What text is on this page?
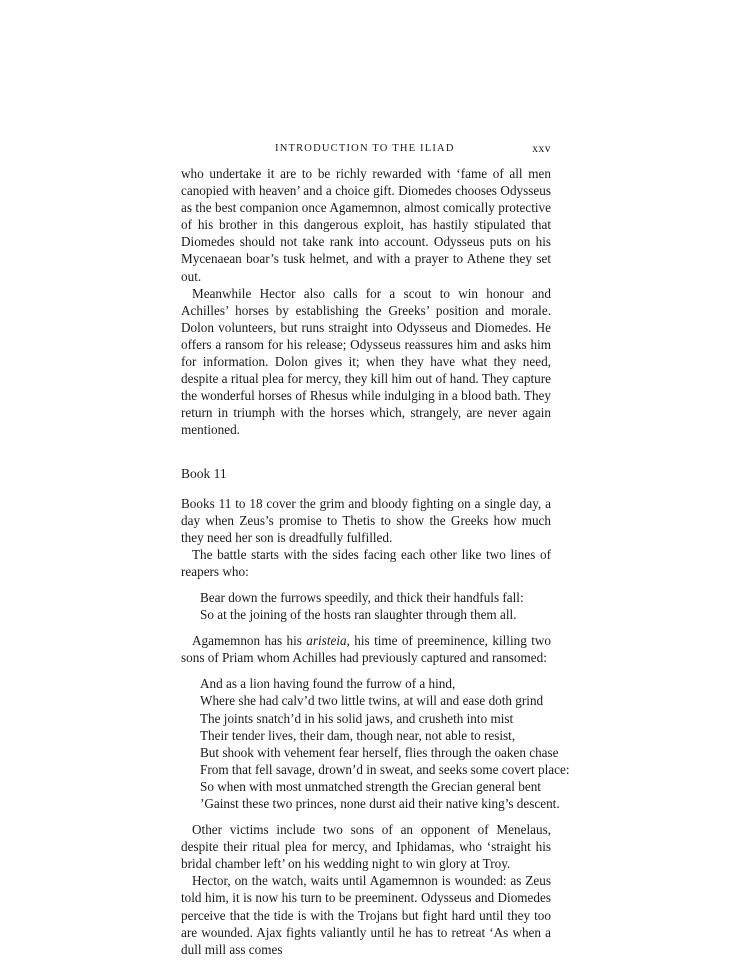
INTRODUCTION TO THE ILIAD	xxv

who undertake it are to be richly rewarded with ‘fame of all men canopied with heaven’ and a choice gift. Diomedes chooses Odysseus as the best companion once Agamemnon, almost comically protective of his brother in this dangerous exploit, has hastily stipulated that Diomedes should not take rank into account. Odysseus puts on his Mycenaean boar’s tusk helmet, and with a prayer to Athene they set out.

Meanwhile Hector also calls for a scout to win honour and Achilles’ horses by establishing the Greeks’ position and morale. Dolon volunteers, but runs straight into Odysseus and Diomedes. He offers a ransom for his release; Odysseus reassures him and asks him for information. Dolon gives it; when they have what they need, despite a ritual plea for mercy, they kill him out of hand. They capture the wonderful horses of Rhesus while indulging in a blood bath. They return in triumph with the horses which, strangely, are never again mentioned.

Book 11

Books 11 to 18 cover the grim and bloody fighting on a single day, a day when Zeus’s promise to Thetis to show the Greeks how much they need her son is dreadfully fulfilled.

The battle starts with the sides facing each other like two lines of reapers who:

Bear down the furrows speedily, and thick their handfuls fall:
So at the joining of the hosts ran slaughter through them all.

Agamemnon has his aristeia, his time of preeminence, killing two sons of Priam whom Achilles had previously captured and ransomed:

And as a lion having found the furrow of a hind,
Where she had calv’d two little twins, at will and ease doth grind
The joints snatch’d in his solid jaws, and crusheth into mist
Their tender lives, their dam, though near, not able to resist,
But shook with vehement fear herself, flies through the oaken chase
From that fell savage, drown’d in sweat, and seeks some covert place:
So when with most unmatched strength the Grecian general bent
’Gainst these two princes, none durst aid their native king’s descent.

Other victims include two sons of an opponent of Menelaus, despite their ritual plea for mercy, and Iphidamas, who ‘straight his bridal chamber left’ on his wedding night to win glory at Troy.

Hector, on the watch, waits until Agamemnon is wounded: as Zeus told him, it is now his turn to be preeminent. Odysseus and Diomedes perceive that the tide is with the Trojans but fight hard until they too are wounded. Ajax fights valiantly until he has to retreat ‘As when a dull mill ass comes
